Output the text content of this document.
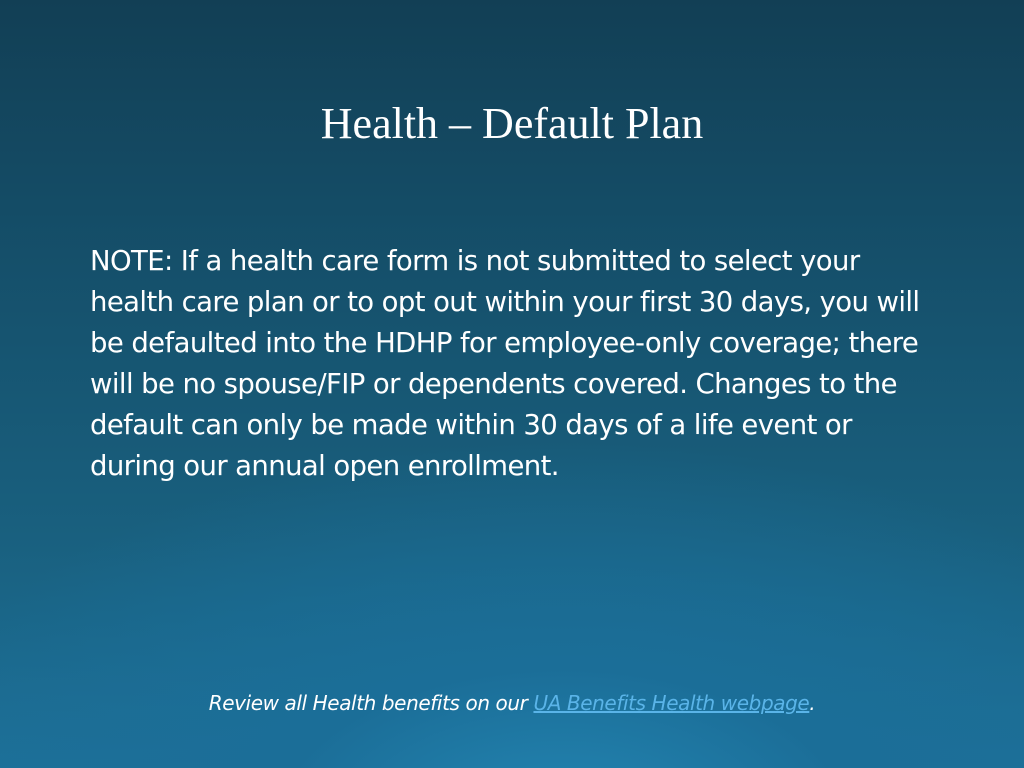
Health – Default Plan

NOTE: If a health care form is not submitted to select your health care plan or to opt out within your first 30 days, you will be defaulted into the HDHP for employee-only coverage; there will be no spouse/FIP or dependents covered. Changes to the default can only be made within 30 days of a life event or during our annual open enrollment.

Review all Health benefits on our UA Benefits Health webpage.
